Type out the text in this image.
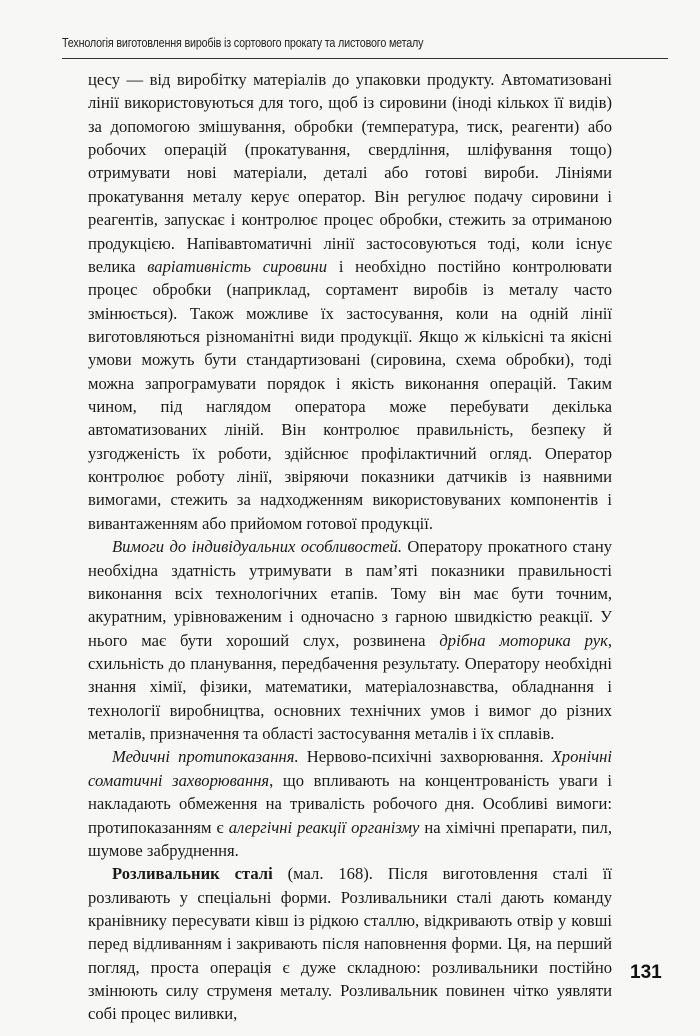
Технологія виготовлення виробів із сортового прокату та листового металу

цесу — від виробітку матеріалів до упаковки продукту. Автоматизовані лінії використовуються для того, щоб із сировини (іноді кількох її видів) за допомогою змішування, обробки (температура, тиск, реагенти) або робочих операцій (прокатування, свердління, шліфування тощо) отримувати нові матеріали, деталі або готові вироби. Лініями прокатування металу керує оператор. Він регулює подачу сировини і реагентів, запускає і контролює процес обробки, стежить за отриманою продукцією. Напівавтоматичні лінії застосовуються тоді, коли існує велика варіативність сировини і необхідно постійно контролювати процес обробки (наприклад, сортамент виробів із металу часто змінюється). Також можливе їх застосування, коли на одній лінії виготовляються різноманітні види продукції. Якщо ж кількісні та якісні умови можуть бути стандартизовані (сировина, схема обробки), тоді можна запрограмувати порядок і якість виконання операцій. Таким чином, під наглядом оператора може перебувати декілька автоматизованих ліній. Він контролює правильність, безпеку й узгодженість їх роботи, здійснює профілактичний огляд. Оператор контролює роботу лінії, звіряючи показники датчиків із наявними вимогами, стежить за надходженням використовуваних компонентів і вивантаженням або прийомом готової продукції.

Вимоги до індивідуальних особливостей. Оператору прокатного стану необхідна здатність утримувати в пам’яті показники правильності виконання всіх технологічних етапів. Тому він має бути точним, акуратним, урівноваженим і одночасно з гарною швидкістю реакції. У нього має бути хороший слух, розвинена дрібна моторика рук, схильність до планування, передбачення результату. Оператору необхідні знання хімії, фізики, математики, матеріалознавства, обладнання і технології виробництва, основних технічних умов і вимог до різних металів, призначення та області застосування металів і їх сплавів.

Медичні протипоказання. Нервово-психічні захворювання. Хронічні соматичні захворювання, що впливають на концентрованість уваги і накладають обмеження на тривалість робочого дня. Особливі вимоги: протипоказанням є алергічні реакції організму на хімічні препарати, пил, шумове забруднення.

Розливальник сталі (мал. 168). Після виготовлення сталі її розливають у спеціальні форми. Розливальники сталі дають команду кранівнику пересувати ківш із рідкою сталлю, відкривають отвір у ковші перед відливанням і закривають після наповнення форми. Ця, на перший погляд, проста операція є дуже складною: розливальники постійно змінюють силу струменя металу. Розливальник повинен чітко уявляти собі процес виливки,

131
